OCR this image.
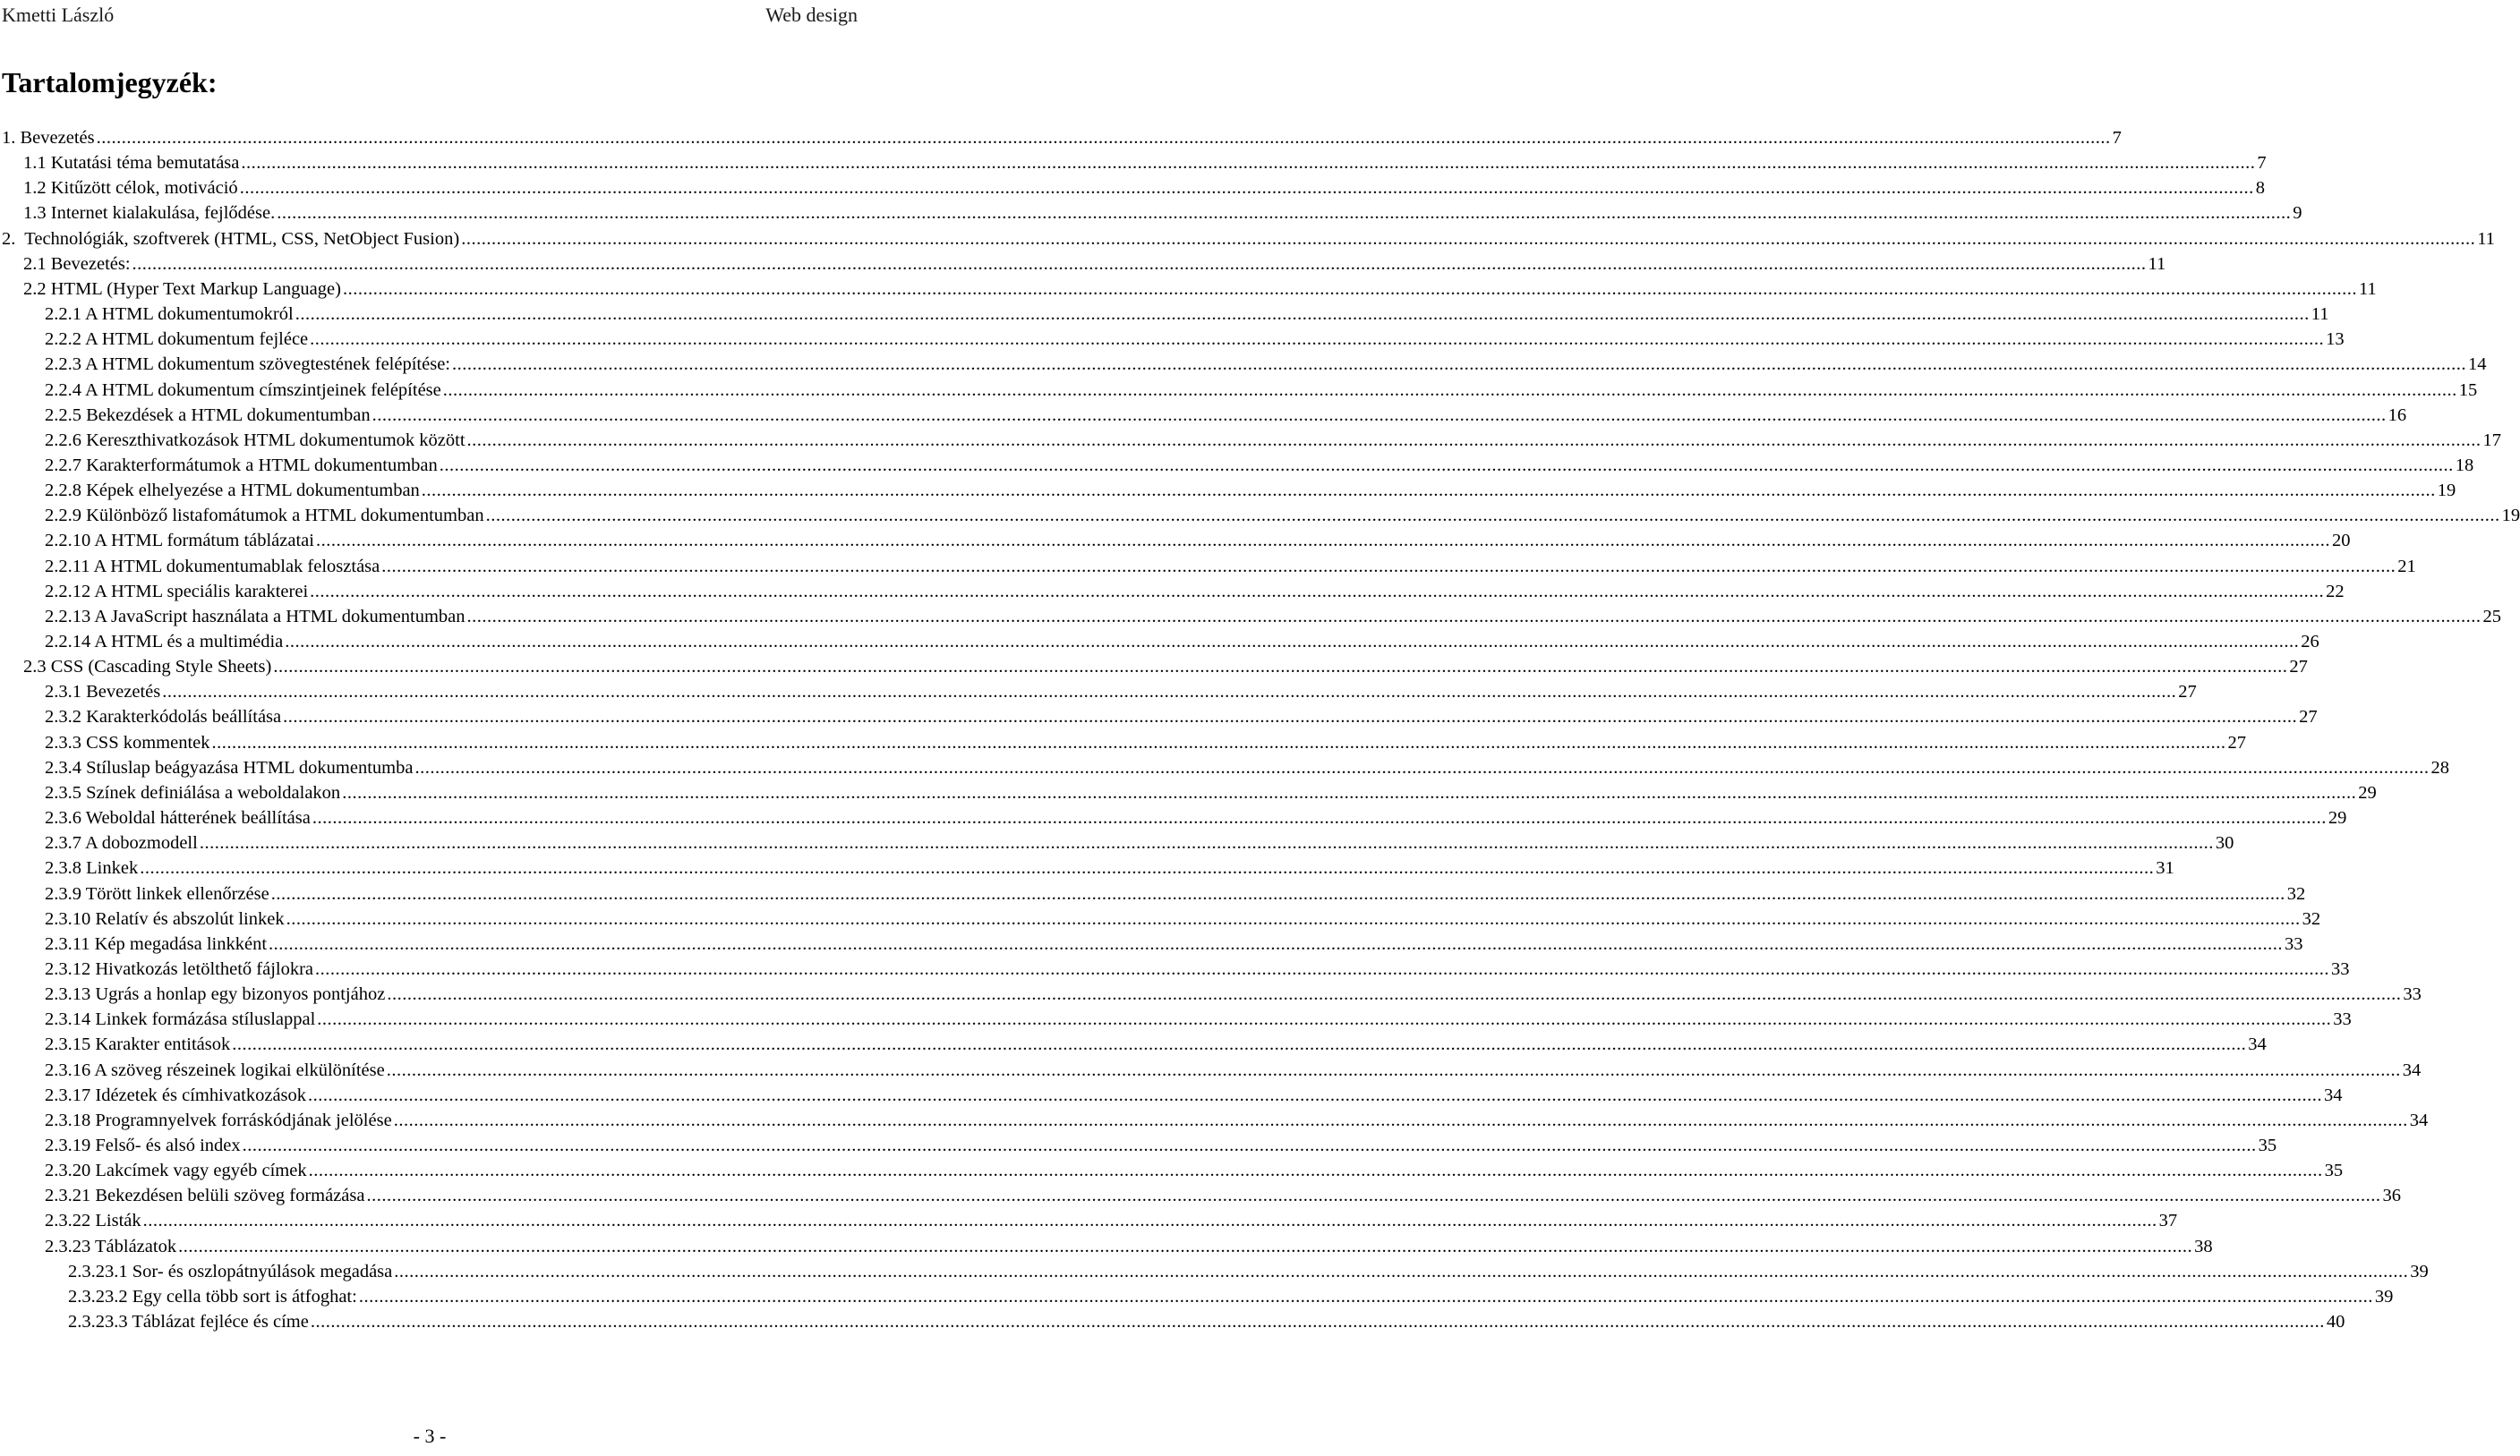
Kmetti László	Web design
Tartalomjegyzék:
1. Bevezetés ................................................................................................................................................................................................................................................................................................................................................................................................................ 7
1.1 Kutatási téma bemutatása ................................................................................................................................................................................................................................................................................................................................................................................................................ 7
1.2 Kitűzött célok, motiváció ................................................................................................................................................................................................................................................................................................................................................................................................................ 8
1.3 Internet kialakulása, fejlődése. ................................................................................................................................................................................................................................................................................................................................................................................................................ 9
2.  Technológiák, szoftverek (HTML, CSS, NetObject Fusion) ................................................................................................................................................................................................................................................................................................................................................................................................................ 11
2.1 Bevezetés: ................................................................................................................................................................................................................................................................................................................................................................................................................ 11
2.2 HTML (Hyper Text Markup Language) ................................................................................................................................................................................................................................................................................................................................................................................................................ 11
2.2.1 A HTML dokumentumokról ................................................................................................................................................................................................................................................................................................................................................................................................................ 11
2.2.2 A HTML dokumentum fejléce ................................................................................................................................................................................................................................................................................................................................................................................................................ 13
2.2.3 A HTML dokumentum szövegtestének felépítése: ................................................................................................................................................................................................................................................................................................................................................................................................................ 14
2.2.4 A HTML dokumentum címszintjeinek felépítése ................................................................................................................................................................................................................................................................................................................................................................................................................ 15
2.2.5 Bekezdések a HTML dokumentumban ................................................................................................................................................................................................................................................................................................................................................................................................................ 16
2.2.6 Kereszthivatkozások HTML dokumentumok között ................................................................................................................................................................................................................................................................................................................................................................................................................ 17
2.2.7 Karakterformátumok a HTML dokumentumban ................................................................................................................................................................................................................................................................................................................................................................................................................ 18
2.2.8 Képek elhelyezése a HTML dokumentumban ................................................................................................................................................................................................................................................................................................................................................................................................................ 19
2.2.9 Különböző listafomátumok a HTML dokumentumban ................................................................................................................................................................................................................................................................................................................................................................................................................ 19
2.2.10 A HTML formátum táblázatai ................................................................................................................................................................................................................................................................................................................................................................................................................ 20
2.2.11 A HTML dokumentumablak felosztása ................................................................................................................................................................................................................................................................................................................................................................................................................ 21
2.2.12 A HTML speciális karakterei ................................................................................................................................................................................................................................................................................................................................................................................................................ 22
2.2.13 A JavaScript használata a HTML dokumentumban ................................................................................................................................................................................................................................................................................................................................................................................................................ 25
2.2.14 A HTML és a multimédia ................................................................................................................................................................................................................................................................................................................................................................................................................ 26
2.3 CSS (Cascading Style Sheets) ................................................................................................................................................................................................................................................................................................................................................................................................................ 27
2.3.1 Bevezetés ................................................................................................................................................................................................................................................................................................................................................................................................................ 27
2.3.2 Karakterkódolás beállítása ................................................................................................................................................................................................................................................................................................................................................................................................................ 27
2.3.3 CSS kommentek ................................................................................................................................................................................................................................................................................................................................................................................................................ 27
2.3.4 Stíluslap beágyazása HTML dokumentumba ................................................................................................................................................................................................................................................................................................................................................................................................................ 28
2.3.5 Színek definiálása a weboldalakon ................................................................................................................................................................................................................................................................................................................................................................................................................ 29
2.3.6 Weboldal hátterének beállítása ................................................................................................................................................................................................................................................................................................................................................................................................................ 29
2.3.7 A dobozmodell ................................................................................................................................................................................................................................................................................................................................................................................................................ 30
2.3.8 Linkek ................................................................................................................................................................................................................................................................................................................................................................................................................ 31
2.3.9 Törött linkek ellenőrzése ................................................................................................................................................................................................................................................................................................................................................................................................................ 32
2.3.10 Relatív és abszolút linkek ................................................................................................................................................................................................................................................................................................................................................................................................................ 32
2.3.11 Kép megadása linkként ................................................................................................................................................................................................................................................................................................................................................................................................................ 33
2.3.12 Hivatkozás letölthető fájlokra ................................................................................................................................................................................................................................................................................................................................................................................................................ 33
2.3.13 Ugrás a honlap egy bizonyos pontjához ................................................................................................................................................................................................................................................................................................................................................................................................................ 33
2.3.14 Linkek formázása stíluslappal ................................................................................................................................................................................................................................................................................................................................................................................................................ 33
2.3.15 Karakter entitások ................................................................................................................................................................................................................................................................................................................................................................................................................ 34
2.3.16 A szöveg részeinek logikai elkülönítése ................................................................................................................................................................................................................................................................................................................................................................................................................ 34
2.3.17 Idézetek és címhivatkozások ................................................................................................................................................................................................................................................................................................................................................................................................................ 34
2.3.18 Programnyelvek forráskódjának jelölése ................................................................................................................................................................................................................................................................................................................................................................................................................ 34
2.3.19 Felső- és alsó index ................................................................................................................................................................................................................................................................................................................................................................................................................ 35
2.3.20 Lakcímek vagy egyéb címek ................................................................................................................................................................................................................................................................................................................................................................................................................ 35
2.3.21 Bekezdésen belüli szöveg formázása ................................................................................................................................................................................................................................................................................................................................................................................................................ 36
2.3.22 Listák ................................................................................................................................................................................................................................................................................................................................................................................................................ 37
2.3.23 Táblázatok ................................................................................................................................................................................................................................................................................................................................................................................................................ 38
2.3.23.1 Sor- és oszlopátnyúlások megadása ................................................................................................................................................................................................................................................................................................................................................................................................................ 39
2.3.23.2 Egy cella több sort is átfoghat: ................................................................................................................................................................................................................................................................................................................................................................................................................ 39
2.3.23.3 Táblázat fejléce és címe ................................................................................................................................................................................................................................................................................................................................................................................................................ 40
- 3 -
